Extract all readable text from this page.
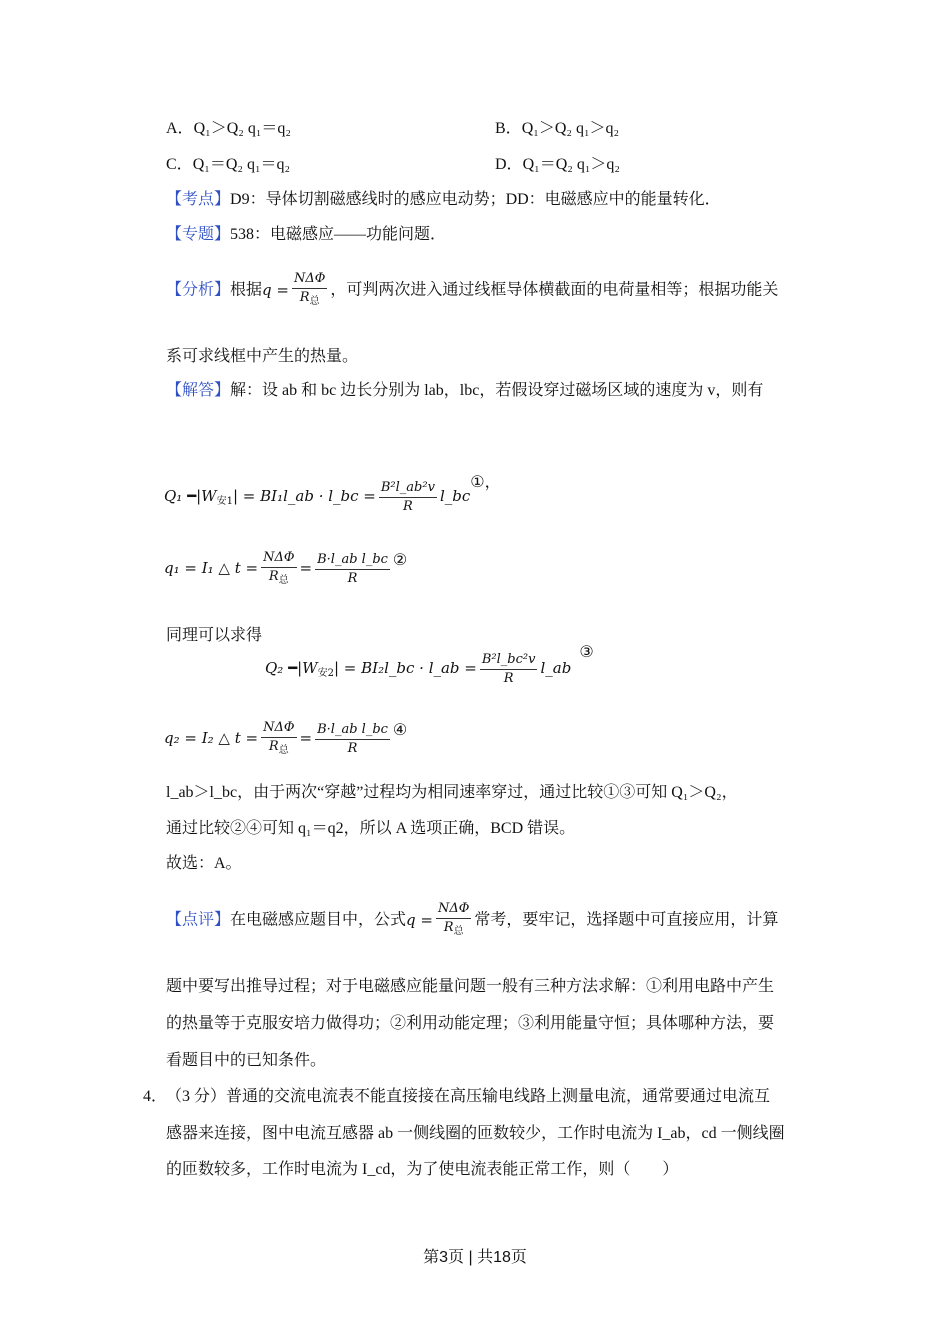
A．Q₁＞Q₂ q₁＝q₂	B．Q₁＞Q₂ q₁＞q₂
C．Q₁＝Q₂ q₁＝q₂	D．Q₁＝Q₂ q₁＞q₂
【考点】D9：导体切割磁感线时的感应电动势；DD：电磁感应中的能量转化．
【专题】538：电磁感应——功能问题．
【分析】根据$q = \frac{\text{NΔΦ}}{R_总}$ ，可判两次进入通过线框导体横截面的电荷量相等；根据功能关
系可求线框中产生的热量。
【解答】解：设 ab 和 bc 边长分别为 lab，lbc，若假设穿过磁场区域的速度为 v，则有
Q₁ $━|W_{安1}|$ = BI₁l_ab · l_bc = $\frac{\text{B²l\_ab²v}}{R}$ l_bc①，
q₁ = I₁ △ $t = \frac{\text{NΔΦ}}{R_总} = \frac{\text{B·l\_ab l\_bc}}{R}$ ②
同理可以求得
Q₂ $━|W_{安2}|$ = BI₂l_bc · l_ab = $\frac{\text{B²l\_bc²v}}{R}$ l_ab③
q₂ = I₂ △ $t = \frac{\text{NΔΦ}}{R_总} = \frac{\text{B·l\_ab l\_bc}}{R}$ ④
l_ab＞l_bc，由于两次“穿越”过程均为相同速率穿过，通过比较①③可知 Q₁＞Q₂，
通过比较②④可知 q₁＝q2，所以 A 选项正确，BCD 错误。
故选：A。
【点评】在电磁感应题目中，公式$q = \frac{\text{NΔΦ}}{R_总}$ 常考，要牢记，选择题中可直接应用，计算
题中要写出推导过程；对于电磁感应能量问题一般有三种方法求解：①利用电路中产生
的热量等于克服安培力做得功；②利用动能定理；③利用能量守恒；具体哪种方法，要
看题目中的已知条件。
4．
（3 分）普通的交流电流表不能直接接在高压输电线路上测量电流，通常要通过电流互
感器来连接，图中电流互感器 ab 一侧线圈的匝数较少，工作时电流为 I_ab，cd 一侧线圈
的匝数较多，工作时电流为 I_cd，为了使电流表能正常工作，则（　　）
第3页 | 共18页
